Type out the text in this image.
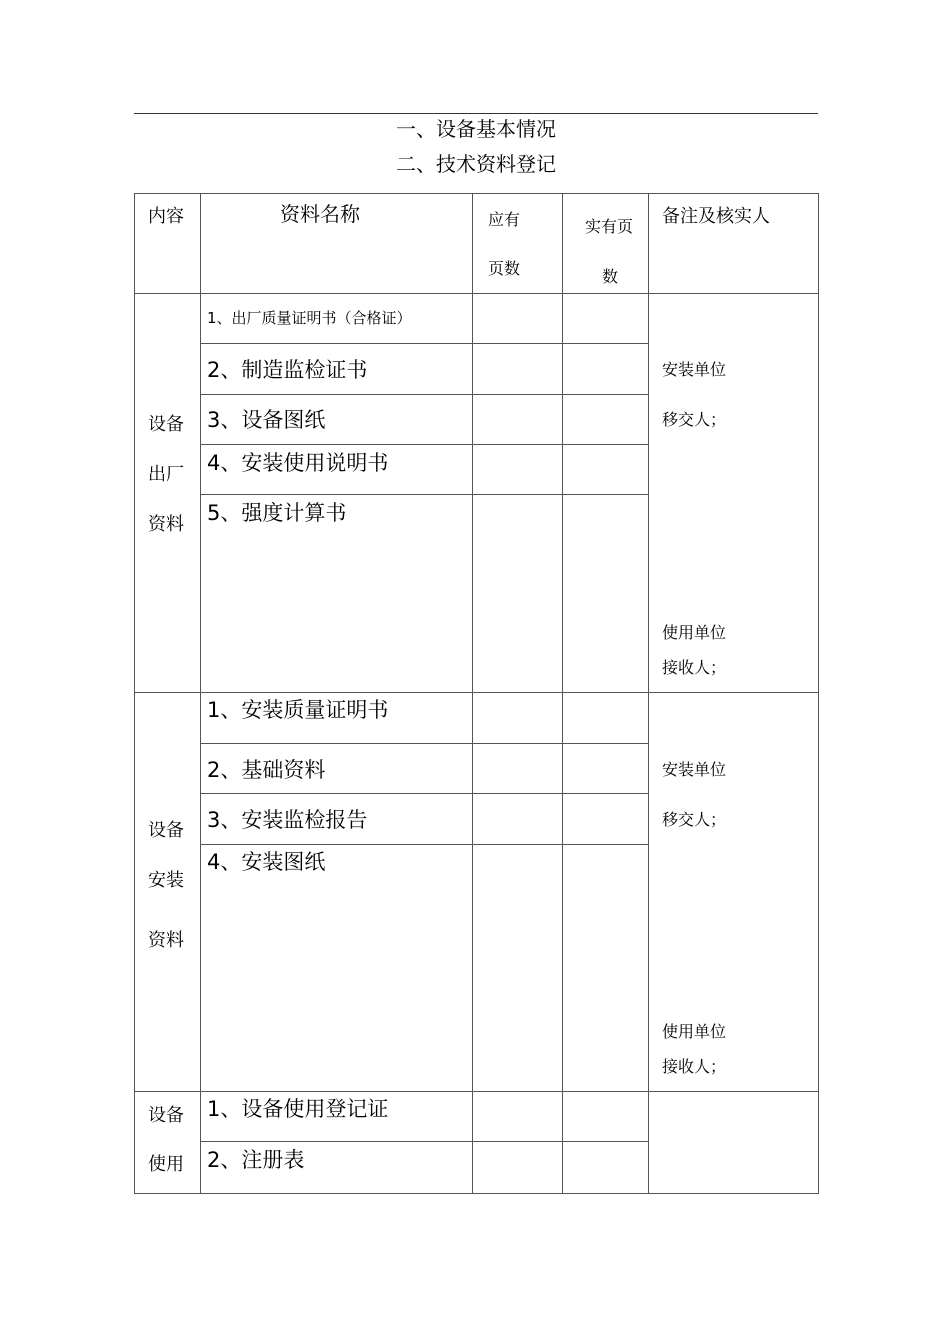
一、设备基本情况
二、技术资料登记
内容	资料名称	应有
页数
实有页
数
备注及核实人
设备
出厂
资料
1、出厂质量证明书（合格证）
2、制造监检证书
3、设备图纸
4、安装使用说明书
5、强度计算书
安装单位
移交人；
使用单位
接收人；
设备
安装
资料
1、安装质量证明书
2、基础资料
3、安装监检报告
4、安装图纸
安装单位
移交人；
使用单位
接收人；
设备
使用
1、设备使用登记证
2、注册表
